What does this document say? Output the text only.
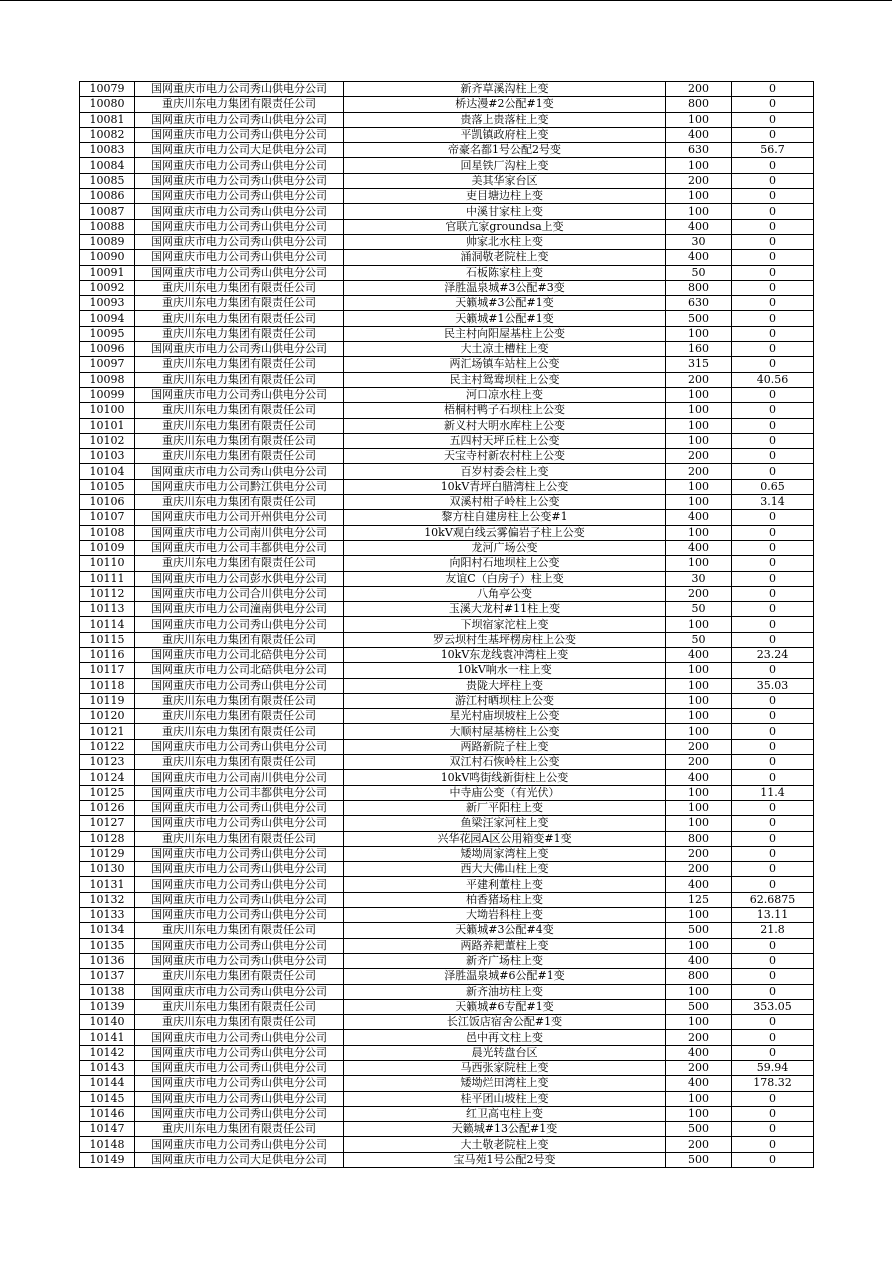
10079	国网重庆市电力公司秀山供电分公司	新齐草溪沟柱上变	200	0
10080	重庆川东电力集团有限责任公司	桥达漫#2公配#1变	800	0
10081	国网重庆市电力公司秀山供电分公司	贵落上贵落柱上变	100	0
10082	国网重庆市电力公司秀山供电分公司	平凯镇政府柱上变	400	0
10083	国网重庆市电力公司大足供电分公司	帝豪名都1号公配2号变	630	56.7
10084	国网重庆市电力公司秀山供电分公司	回星铁厂沟柱上变	100	0
10085	国网重庆市电力公司秀山供电分公司	美其华家台区	200	0
10086	国网重庆市电力公司秀山供电分公司	吏目塘边柱上变	100	0
10087	国网重庆市电力公司秀山供电分公司	中溪甘家柱上变	100	0
10088	国网重庆市电力公司秀山供电分公司	官联亢家groundsa上变	400	0
10089	国网重庆市电力公司秀山供电分公司	帅家北水柱上变	30	0
10090	国网重庆市电力公司秀山供电分公司	涌洞敬老院柱上变	400	0
10091	国网重庆市电力公司秀山供电分公司	石板陈家柱上变	50	0
10092	重庆川东电力集团有限责任公司	泽胜温泉城#3公配#3变	800	0
10093	重庆川东电力集团有限责任公司	天籁城#3公配#1变	630	0
10094	重庆川东电力集团有限责任公司	天籁城#1公配#1变	500	0
10095	重庆川东电力集团有限责任公司	民主村向阳屋基柱上公变	100	0
10096	国网重庆市电力公司秀山供电分公司	大土凉土槽柱上变	160	0
10097	重庆川东电力集团有限责任公司	两汇场镇车站柱上公变	315	0
10098	重庆川东电力集团有限责任公司	民主村鸳鸯坝柱上公变	200	40.56
10099	国网重庆市电力公司秀山供电分公司	河口凉水柱上变	100	0
10100	重庆川东电力集团有限责任公司	梧桐村鸭子石坝柱上公变	100	0
10101	重庆川东电力集团有限责任公司	新义村大明水库柱上公变	100	0
10102	重庆川东电力集团有限责任公司	五四村天坪丘柱上公变	100	0
10103	重庆川东电力集团有限责任公司	天宝寺村新农村柱上公变	200	0
10104	国网重庆市电力公司秀山供电分公司	百岁村委会柱上变	200	0
10105	国网重庆市电力公司黔江供电分公司	10kV青坪白腊湾柱上公变	100	0.65
10106	重庆川东电力集团有限责任公司	双溪村柑子岭柱上公变	100	3.14
10107	国网重庆市电力公司开州供电分公司	黎方柱自建房柱上公变#1	400	0
10108	国网重庆市电力公司南川供电分公司	10kV观白线云雾偏岩子柱上公变	100	0
10109	国网重庆市电力公司丰都供电分公司	龙河广场公变	400	0
10110	重庆川东电力集团有限责任公司	向阳村石地坝柱上公变	100	0
10111	国网重庆市电力公司彭水供电分公司	友谊C（白房子）柱上变	30	0
10112	国网重庆市电力公司合川供电分公司	八角亭公变	200	0
10113	国网重庆市电力公司潼南供电分公司	玉溪大龙村#11柱上变	50	0
10114	国网重庆市电力公司秀山供电分公司	下坝宿家沱柱上变	100	0
10115	重庆川东电力集团有限责任公司	罗云坝村生基坪楞房柱上公变	50	0
10116	国网重庆市电力公司北碚供电分公司	10kV东龙线袁冲湾柱上变	400	23.24
10117	国网重庆市电力公司北碚供电分公司	10kV响水一柱上变	100	0
10118	国网重庆市电力公司秀山供电分公司	贵陇大坪柱上变	100	35.03
10119	重庆川东电力集团有限责任公司	游江村晒坝柱上公变	100	0
10120	重庆川东电力集团有限责任公司	星光村庙坝坡柱上公变	100	0
10121	重庆川东电力集团有限责任公司	大顺村屋基榜柱上公变	100	0
10122	国网重庆市电力公司秀山供电分公司	两路新院子柱上变	200	0
10123	重庆川东电力集团有限责任公司	双江村石恢岭柱上公变	200	0
10124	国网重庆市电力公司南川供电分公司	10kV鸣街线新街柱上公变	400	0
10125	国网重庆市电力公司丰都供电分公司	中寺庙公变（有光伏）	100	11.4
10126	国网重庆市电力公司秀山供电分公司	新厂平阳柱上变	100	0
10127	国网重庆市电力公司秀山供电分公司	鱼梁汪家河柱上变	100	0
10128	重庆川东电力集团有限责任公司	兴华花园A区公用箱变#1变	800	0
10129	国网重庆市电力公司秀山供电分公司	矮坳周家湾柱上变	200	0
10130	国网重庆市电力公司秀山供电分公司	西大大佛山柱上变	200	0
10131	国网重庆市电力公司秀山供电分公司	平建利董柱上变	400	0
10132	国网重庆市电力公司秀山供电分公司	柏香猪场柱上变	125	62.6875
10133	国网重庆市电力公司秀山供电分公司	大坳岩科柱上变	100	13.11
10134	重庆川东电力集团有限责任公司	天籁城#3公配#4变	500	21.8
10135	国网重庆市电力公司秀山供电分公司	两路养耙董柱上变	100	0
10136	国网重庆市电力公司秀山供电分公司	新齐广场柱上变	400	0
10137	重庆川东电力集团有限责任公司	泽胜温泉城#6公配#1变	800	0
10138	国网重庆市电力公司秀山供电分公司	新齐油坊柱上变	100	0
10139	重庆川东电力集团有限责任公司	天籁城#6专配#1变	500	353.05
10140	重庆川东电力集团有限责任公司	长江饭店宿舍公配#1变	100	0
10141	国网重庆市电力公司秀山供电分公司	邑中再文柱上变	200	0
10142	国网重庆市电力公司秀山供电分公司	晨光转盘台区	400	0
10143	国网重庆市电力公司秀山供电分公司	马西张家院柱上变	200	59.94
10144	国网重庆市电力公司秀山供电分公司	矮坳烂田湾柱上变	400	178.32
10145	国网重庆市电力公司秀山供电分公司	桂平团山坡柱上变	100	0
10146	国网重庆市电力公司秀山供电分公司	红卫高屯柱上变	100	0
10147	重庆川东电力集团有限责任公司	天籁城#13公配#1变	500	0
10148	国网重庆市电力公司秀山供电分公司	大土敬老院柱上变	200	0
10149	国网重庆市电力公司大足供电分公司	宝马苑1号公配2号变	500	0
